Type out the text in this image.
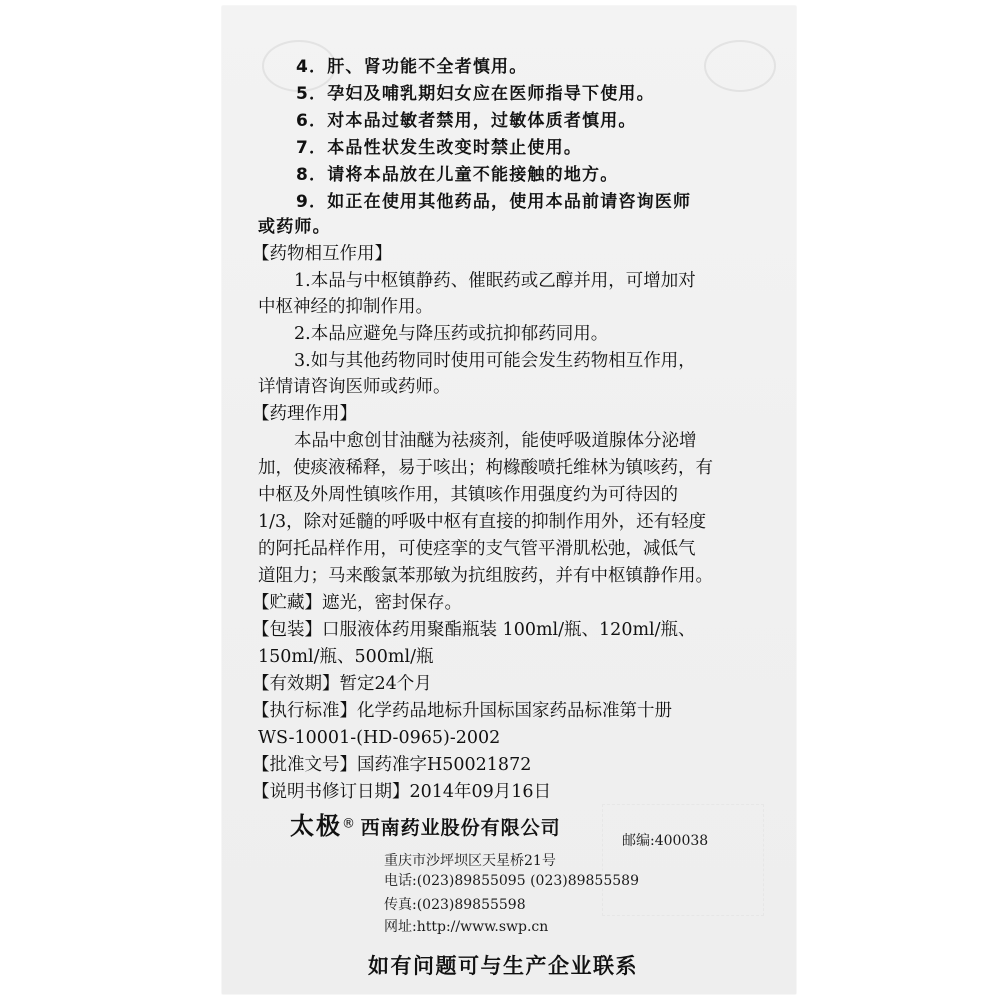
4．肝、肾功能不全者慎用。
5．孕妇及哺乳期妇女应在医师指导下使用。
6．对本品过敏者禁用，过敏体质者慎用。
7．本品性状发生改变时禁止使用。
8．请将本品放在儿童不能接触的地方。
9．如正在使用其他药品，使用本品前请咨询医师
或药师。
【药物相互作用】
1.本品与中枢镇静药、催眠药或乙醇并用，可增加对
中枢神经的抑制作用。
2.本品应避免与降压药或抗抑郁药同用。
3.如与其他药物同时使用可能会发生药物相互作用，
详情请咨询医师或药师。
【药理作用】
本品中愈创甘油醚为祛痰剂，能使呼吸道腺体分泌增
加，使痰液稀释，易于咳出；枸橼酸喷托维林为镇咳药，有
中枢及外周性镇咳作用，其镇咳作用强度约为可待因的
1/3，除对延髓的呼吸中枢有直接的抑制作用外，还有轻度
的阿托品样作用，可使痉挛的支气管平滑肌松弛，减低气
道阻力；马来酸氯苯那敏为抗组胺药，并有中枢镇静作用。
【贮藏】遮光，密封保存。
【包装】口服液体药用聚酯瓶装 100ml/瓶、120ml/瓶、
150ml/瓶、500ml/瓶
【有效期】暂定24个月
【执行标准】化学药品地标升国标国家药品标准第十册
WS-10001-(HD-0965)-2002
【批准文号】国药准字H50021872
太极® 西南药业股份有限公司
邮编:400038
重庆市沙坪坝区天星桥21号
电话:(023)89855095 (023)89855589
传真:(023)89855598
网址:http://www.swp.cn
如有问题可与生产企业联系
【说明书修订日期】2014年09月16日
